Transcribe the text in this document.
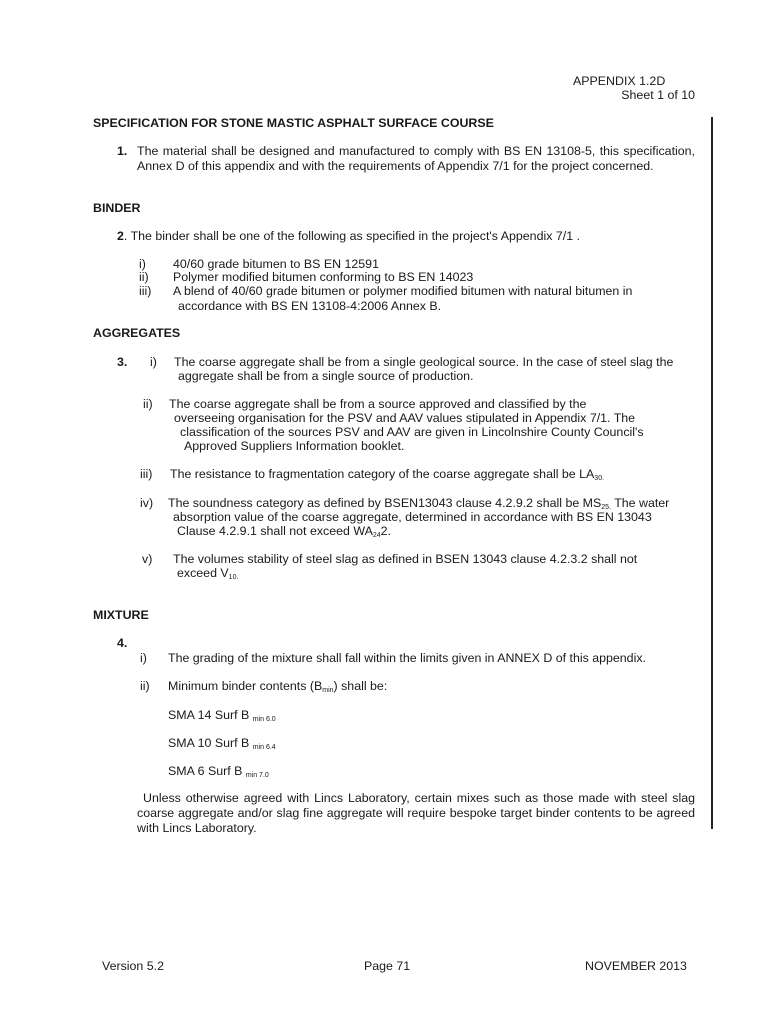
APPENDIX 1.2D

Sheet 1 of 10

SPECIFICATION FOR STONE MASTIC ASPHALT SURFACE COURSE

1. The material shall be designed and manufactured to comply with BS EN 13108-5, this specification, Annex D of this appendix and with the requirements of Appendix 7/1 for the project concerned.

BINDER

2. The binder shall be one of the following as specified in the project's Appendix 7/1 .

i) 40/60 grade bitumen to BS EN 12591

ii) Polymer modified bitumen conforming to BS EN 14023

iii) A blend of 40/60 grade bitumen or polymer modified bitumen with natural bitumen in

accordance with BS EN 13108-4:2006 Annex B.

AGGREGATES

3. i) The coarse aggregate shall be from a single geological source. In the case of steel slag the

aggregate shall be from a single source of production.

ii) The coarse aggregate shall be from a source approved and classified by the

overseeing organisation for the PSV and AAV values stipulated in Appendix 7/1. The

classification of the sources PSV and AAV are given in Lincolnshire County Council's

Approved Suppliers Information booklet.

iii) The resistance to fragmentation category of the coarse aggregate shall be $LA_{30.}$

iv) The soundness category as defined by BSEN13043 clause 4.2.9.2 shall be $MS_{25.}$ The water

absorption value of the coarse aggregate, determined in accordance with BS EN 13043

Clause 4.2.9.1 shall not exceed $WA_{24}2$.

v) The volumes stability of steel slag as defined in BSEN 13043 clause 4.2.3.2 shall not

exceed $V_{10.}$

MIXTURE

4.

i) The grading of the mixture shall fall within the limits given in ANNEX D of this appendix.

ii) Minimum binder contents $(B_{min})$ shall be:

SMA 14 Surf B $_{min 6.0}$

SMA 10 Surf B $_{min 6.4}$

SMA 6 Surf B $_{min 7.0}$

Unless otherwise agreed with Lincs Laboratory, certain mixes such as those made with steel slag coarse aggregate and/or slag fine aggregate will require bespoke target binder contents to be agreed with Lincs Laboratory.

Version 5.2	Page 71	NOVEMBER 2013
